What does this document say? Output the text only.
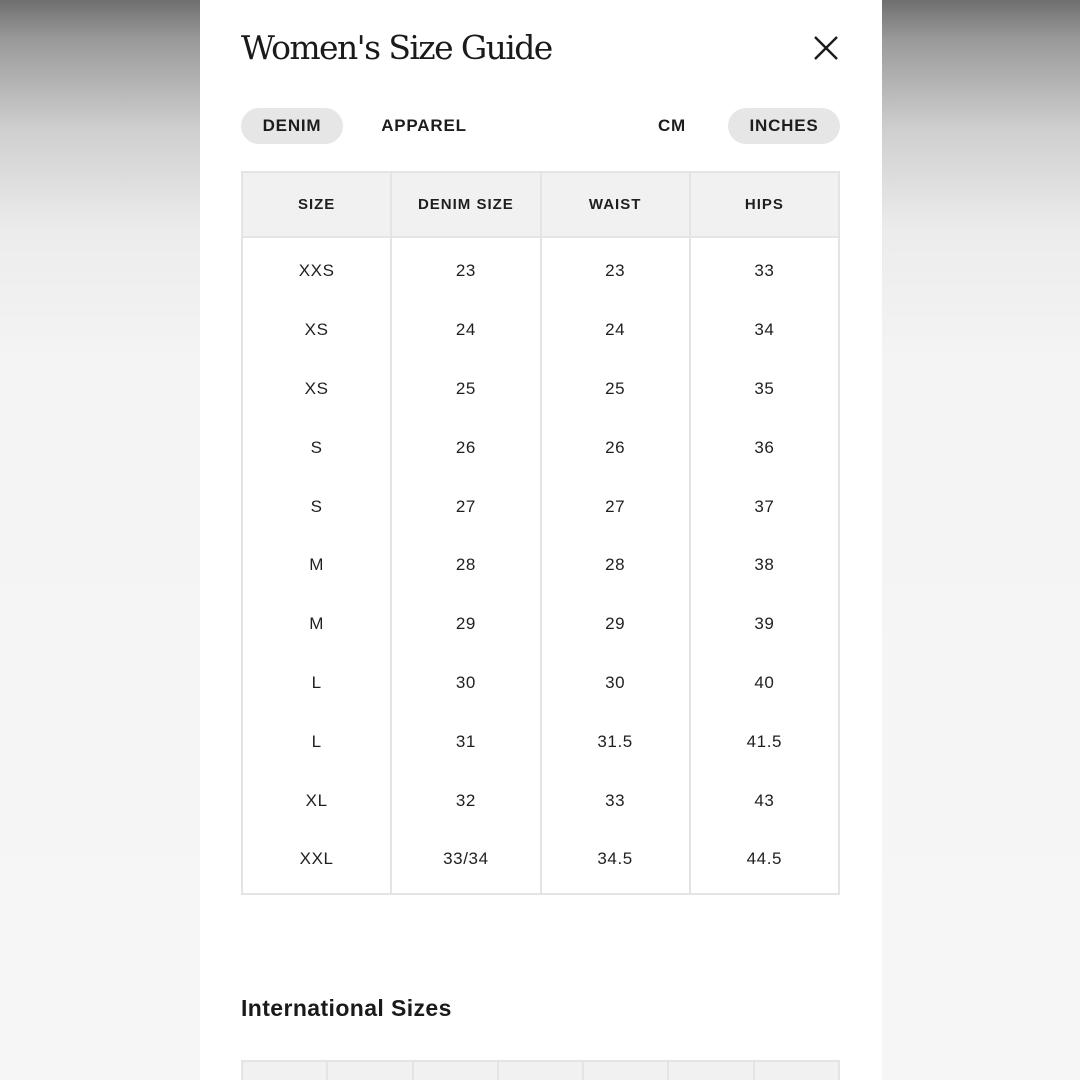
Women's Size Guide
DENIM	APPAREL	CM	INCHES
SIZE	DENIM SIZE	WAIST	HIPS
XXS	23	23	33
XS	24	24	34
XS	25	25	35
S	26	26	36
S	27	27	37
M	28	28	38
M	29	29	39
L	30	30	40
L	31	31.5	41.5
XL	32	33	43
XXL	33/34	34.5	44.5
International Sizes
